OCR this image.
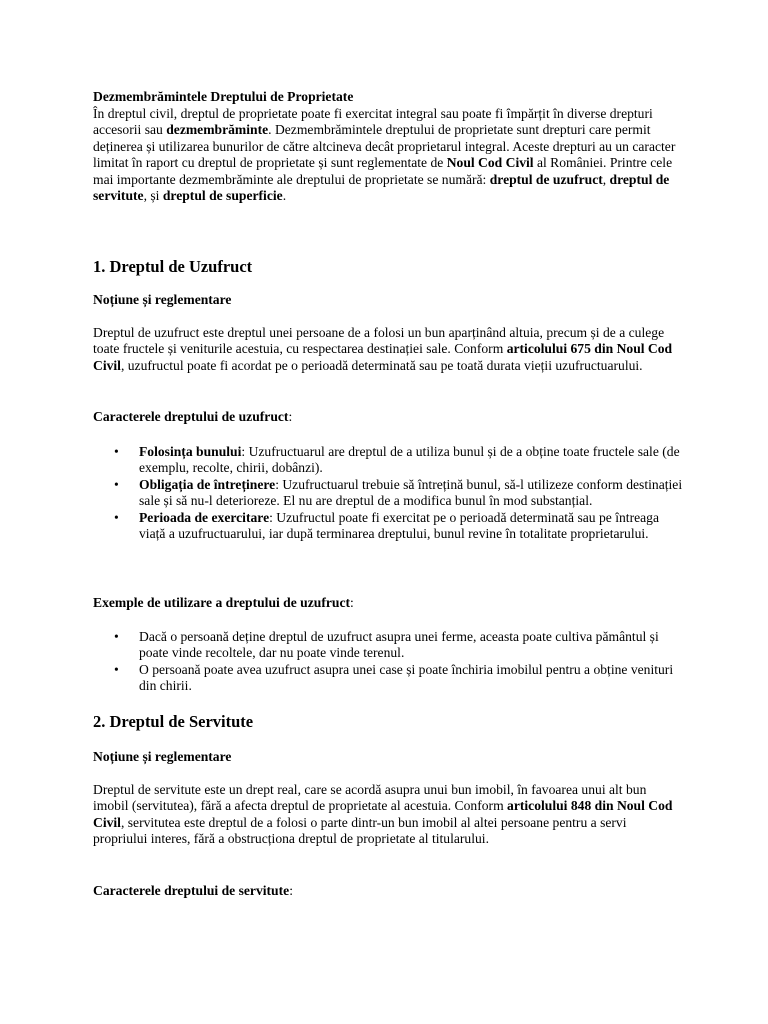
Dezmembrămintele Dreptului de Proprietate

În dreptul civil, dreptul de proprietate poate fi exercitat integral sau poate fi împărțit în diverse drepturi accesorii sau dezmembrăminte. Dezmembrămintele dreptului de proprietate sunt drepturi care permit deținerea și utilizarea bunurilor de către altcineva decât proprietarul integral. Aceste drepturi au un caracter limitat în raport cu dreptul de proprietate și sunt reglementate de Noul Cod Civil al României. Printre cele mai importante dezmembrăminte ale dreptului de proprietate se numără: dreptul de uzufruct, dreptul de servitute, și dreptul de superficie.

1. Dreptul de Uzufruct
Noțiune și reglementare

Dreptul de uzufruct este dreptul unei persoane de a folosi un bun aparținând altuia, precum și de a culege toate fructele și veniturile acestuia, cu respectarea destinației sale. Conform articolului 675 din Noul Cod Civil, uzufructul poate fi acordat pe o perioadă determinată sau pe toată durata vieții uzufructuarului.

Caracterele dreptului de uzufruct:
• Folosința bunului: Uzufructuarul are dreptul de a utiliza bunul și de a obține toate fructele sale (de exemplu, recolte, chirii, dobânzi).
• Obligația de întreținere: Uzufructuarul trebuie să întrețină bunul, să-l utilizeze conform destinației sale și să nu-l deterioreze. El nu are dreptul de a modifica bunul în mod substanțial.
• Perioada de exercitare: Uzufructul poate fi exercitat pe o perioadă determinată sau pe întreaga viață a uzufructuarului, iar după terminarea dreptului, bunul revine în totalitate proprietarului.
Exemple de utilizare a dreptului de uzufruct:
• Dacă o persoană deține dreptul de uzufruct asupra unei ferme, aceasta poate cultiva pământul și poate vinde recoltele, dar nu poate vinde terenul.
• O persoană poate avea uzufruct asupra unei case și poate închiria imobilul pentru a obține venituri din chirii.
2. Dreptul de Servitute
Noțiune și reglementare

Dreptul de servitute este un drept real, care se acordă asupra unui bun imobil, în favoarea unui alt bun imobil (servitutea), fără a afecta dreptul de proprietate al acestuia. Conform articolului 848 din Noul Cod Civil, servitutea este dreptul de a folosi o parte dintr-un bun imobil al altei persoane pentru a servi propriului interes, fără a obstrucționa dreptul de proprietate al titularului.

Caracterele dreptului de servitute:
